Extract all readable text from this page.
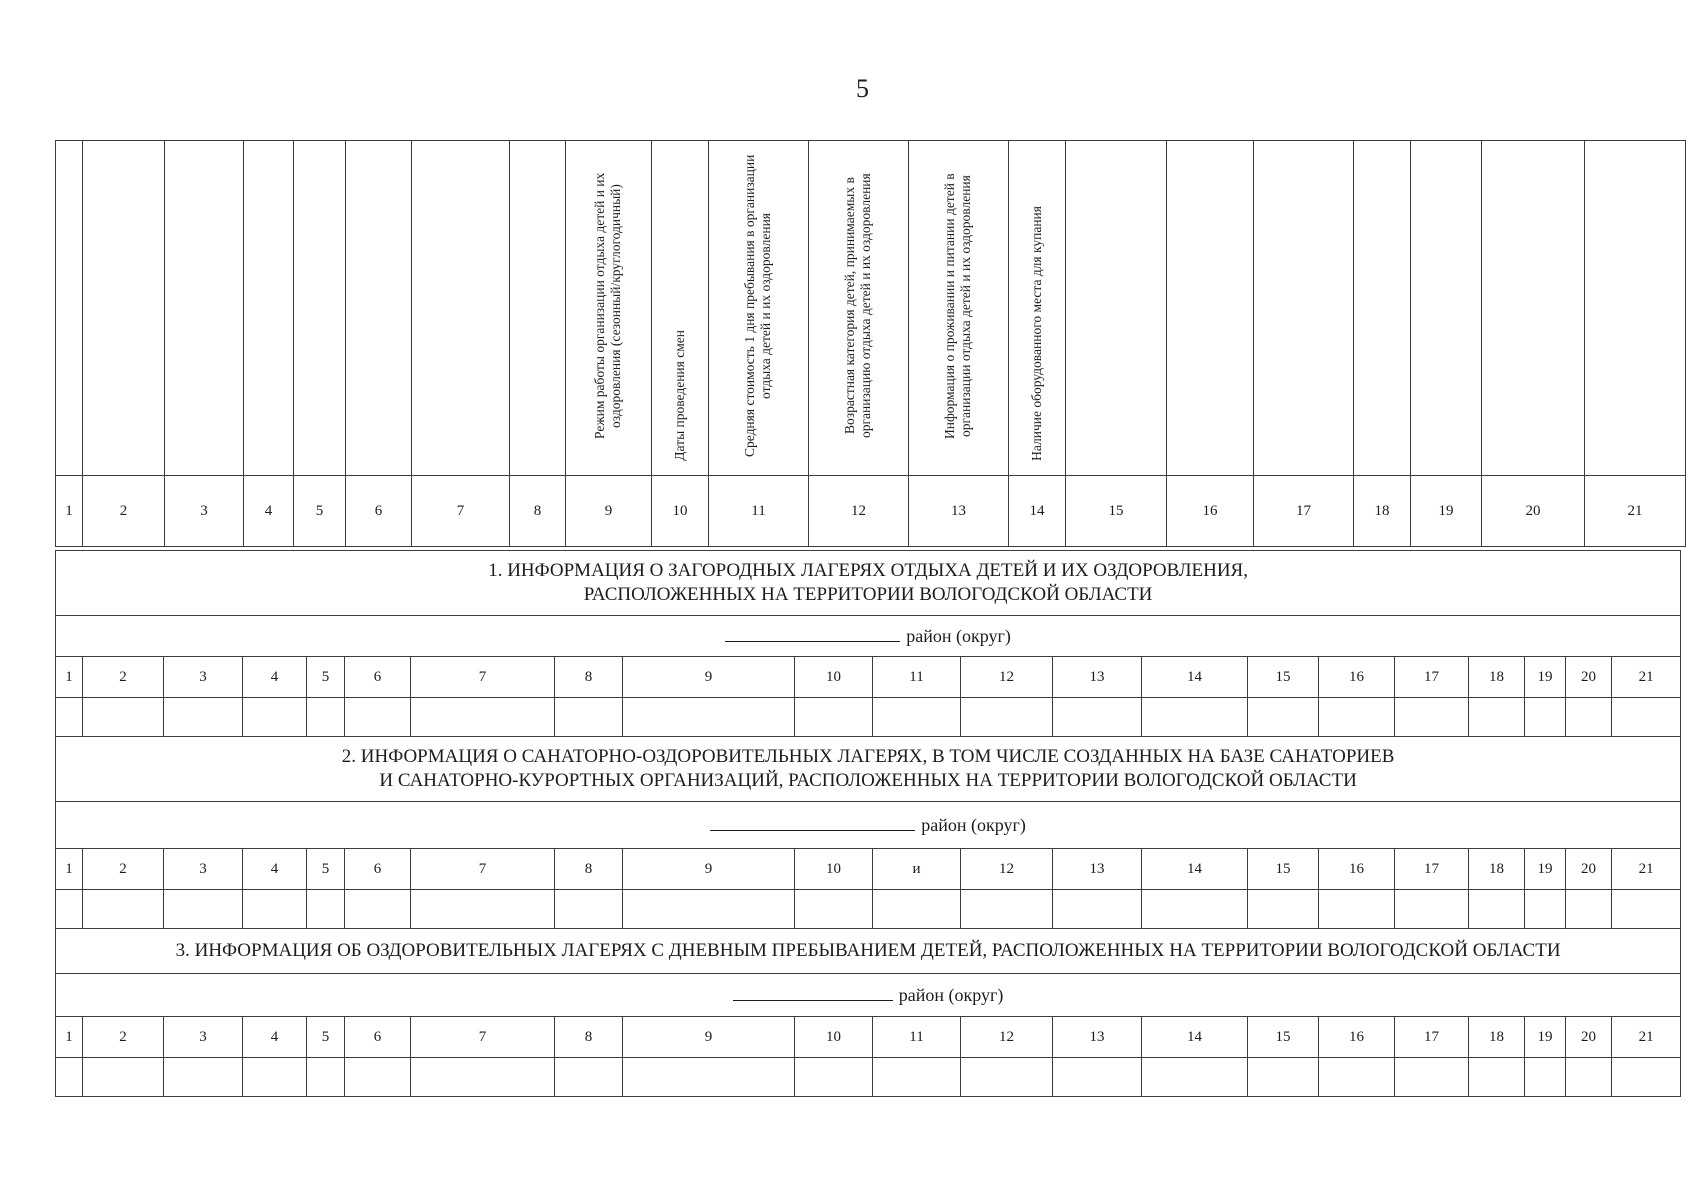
5

								Режим работы организации отдыха детей и их оздоровления (сезонный/круглогодичный)	Даты проведения смен	Средняя стоимость 1 дня пребывания в организации отдыха детей и их оздоровления	Возрастная категория детей, принимаемых в организацию отдыха детей и их оздоровления	Информация о проживании и питании детей в организации отдыха детей и их оздоровления	Наличие оборудованного места для купания							

1	2	3	4	5	6	7	8	9	10	11	12	13	14	15	16	17	18	19	20	21
1. ИНФОРМАЦИЯ О ЗАГОРОДНЫХ ЛАГЕРЯХ ОТДЫХА ДЕТЕЙ И ИХ ОЗДОРОВЛЕНИЯ,
РАСПОЛОЖЕННЫХ НА ТЕРРИТОРИИ ВОЛОГОДСКОЙ ОБЛАСТИ																				

район (округ)																				
1	2	3	4	5	6	7	8	9	10	11	12	13	14	15	16	17	18	19	20	21

2. ИНФОРМАЦИЯ О САНАТОРНО-ОЗДОРОВИТЕЛЬНЫХ ЛАГЕРЯХ, В ТОМ ЧИСЛЕ СОЗДАННЫХ НА БАЗЕ САНАТОРИЕВ
И САНАТОРНО-КУРОРТНЫХ ОРГАНИЗАЦИЙ, РАСПОЛОЖЕННЫХ НА ТЕРРИТОРИИ ВОЛОГОДСКОЙ ОБЛАСТИ																				

район (округ)																				
1	2	3	4	5	6	7	8	9	10	и	12	13	14	15	16	17	18	19	20	21

3. ИНФОРМАЦИЯ ОБ ОЗДОРОВИТЕЛЬНЫХ ЛАГЕРЯХ С ДНЕВНЫМ ПРЕБЫВАНИЕМ ДЕТЕЙ, РАСПОЛОЖЕННЫХ НА ТЕРРИТОРИИ ВОЛОГОДСКОЙ ОБЛАСТИ																				

район (округ)																				
1	2	3	4	5	6	7	8	9	10	11	12	13	14	15	16	17	18	19	20	21
